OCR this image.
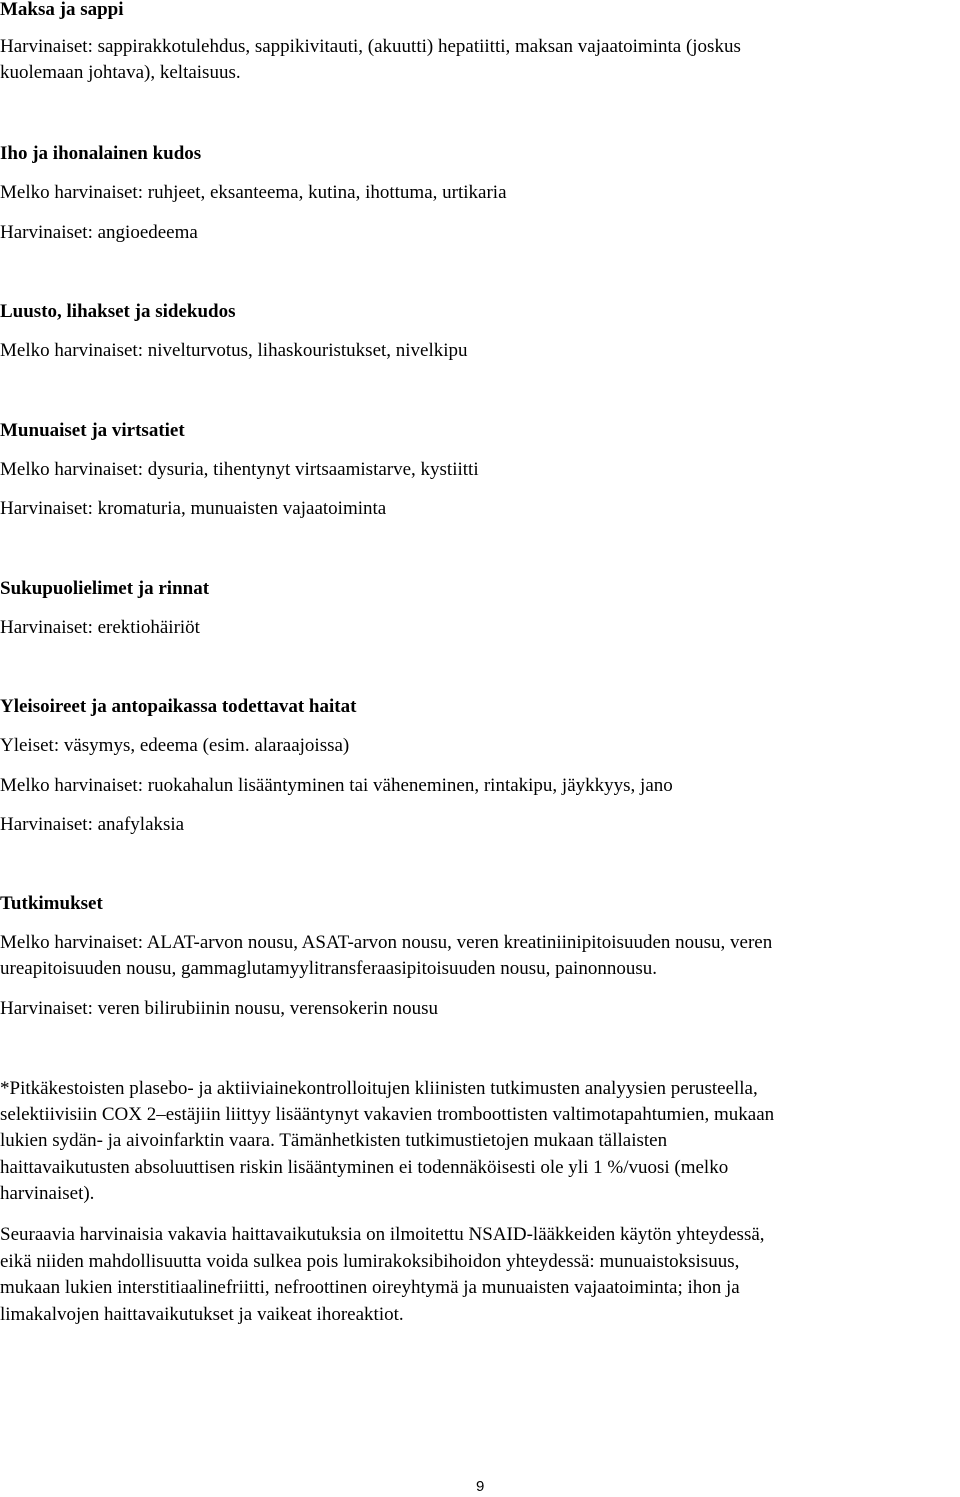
Maksa ja sappi
Harvinaiset: sappirakkotulehdus, sappikivitauti, (akuutti) hepatiitti, maksan vajaatoiminta (joskus
kuolemaan johtava), keltaisuus.
Iho ja ihonalainen kudos
Melko harvinaiset: ruhjeet, eksanteema, kutina, ihottuma, urtikaria
Harvinaiset: angioedeema
Luusto, lihakset ja sidekudos
Melko harvinaiset: nivelturvotus, lihaskouristukset, nivelkipu
Munuaiset ja virtsatiet
Melko harvinaiset: dysuria, tihentynyt virtsaamistarve, kystiitti
Harvinaiset: kromaturia, munuaisten vajaatoiminta
Sukupuolielimet ja rinnat
Harvinaiset: erektiohäiriöt
Yleisoireet ja antopaikassa todettavat haitat
Yleiset: väsymys, edeema (esim. alaraajoissa)
Melko harvinaiset: ruokahalun lisääntyminen tai väheneminen, rintakipu, jäykkyys, jano
Harvinaiset: anafylaksia
Tutkimukset
Melko harvinaiset: ALAT-arvon nousu, ASAT-arvon nousu, veren kreatiniinipitoisuuden nousu, veren
ureapitoisuuden nousu, gammaglutamyylitransferaasipitoisuuden nousu, painonnousu.
Harvinaiset: veren bilirubiinin nousu, verensokerin nousu
*Pitkäkestoisten plasebo- ja aktiiviainekontrolloitujen kliinisten tutkimusten analyysien perusteella,
selektiivisiin COX 2–estäjiin liittyy lisääntynyt vakavien tromboottisten valtimotapahtumien, mukaan
lukien sydän- ja aivoinfarktin vaara. Tämänhetkisten tutkimustietojen mukaan tällaisten
haittavaikutusten absoluuttisen riskin lisääntyminen ei todennäköisesti ole yli 1 %/vuosi (melko
harvinaiset).
Seuraavia harvinaisia vakavia haittavaikutuksia on ilmoitettu NSAID-lääkkeiden käytön yhteydessä,
eikä niiden mahdollisuutta voida sulkea pois lumirakoksibihoidon yhteydessä: munuaistoksisuus,
mukaan lukien interstitiaalinefriitti, nefroottinen oireyhtymä ja munuaisten vajaatoiminta; ihon ja
limakalvojen haittavaikutukset ja vaikeat ihoreaktiot.
9
